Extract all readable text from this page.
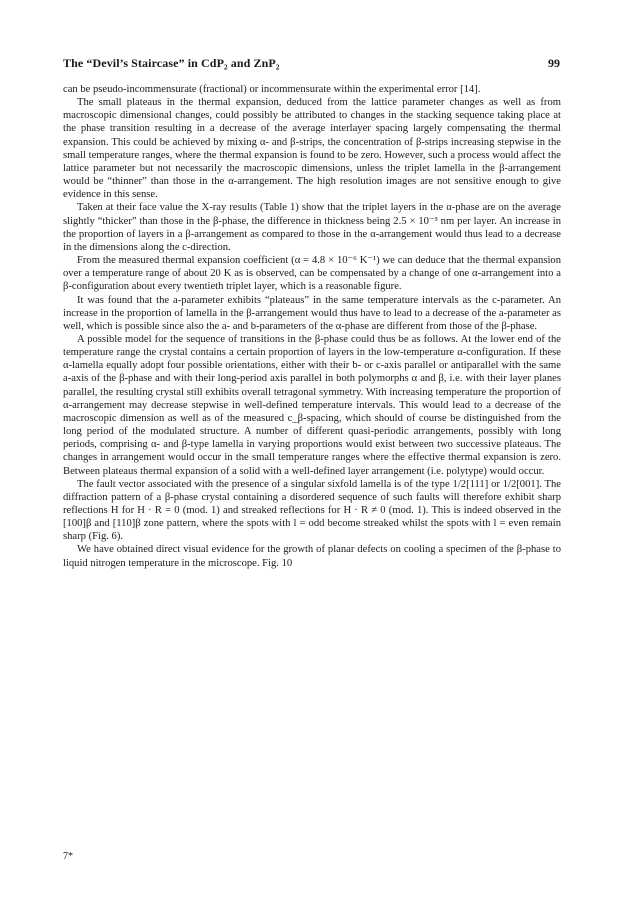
The “Devil’s Staircase” in CdP₂ and ZnP₂	99

can be pseudo-incommensurate (fractional) or incommensurate within the experimental error [14].

The small plateaus in the thermal expansion, deduced from the lattice parameter changes as well as from macroscopic dimensional changes, could possibly be attributed to changes in the stacking sequence taking place at the phase transition resulting in a decrease of the average interlayer spacing largely compensating the thermal expansion. This could be achieved by mixing α- and β-strips, the concentration of β-strips increasing stepwise in the small temperature ranges, where the thermal expansion is found to be zero. However, such a process would affect the lattice parameter but not necessarily the macroscopic dimensions, unless the triplet lamella in the β-arrangement would be “thinner” than those in the α-arrangement. The high resolution images are not sensitive enough to give evidence in this sense.

Taken at their face value the X-ray results (Table 1) show that the triplet layers in the α-phase are on the average slightly “thicker” than those in the β-phase, the difference in thickness being 2.5 × 10⁻³ nm per layer. An increase in the proportion of layers in a β-arrangement as compared to those in the α-arrangement would thus lead to a decrease in the dimensions along the c-direction.

From the measured thermal expansion coefficient (α = 4.8 × 10⁻⁶ K⁻¹) we can deduce that the thermal expansion over a temperature range of about 20 K as is observed, can be compensated by a change of one α-arrangement into a β-configuration about every twentieth triplet layer, which is a reasonable figure.

It was found that the a-parameter exhibits “plateaus” in the same temperature intervals as the c-parameter. An increase in the proportion of lamella in the β-arrangement would thus have to lead to a decrease of the a-parameter as well, which is possible since also the a- and b-parameters of the α-phase are different from those of the β-phase.

A possible model for the sequence of transitions in the β-phase could thus be as follows. At the lower end of the temperature range the crystal contains a certain proportion of layers in the low-temperature α-configuration. If these α-lamella equally adopt four possible orientations, either with their b- or c-axis parallel or antiparallel with the same a-axis of the β-phase and with their long-period axis parallel in both polymorphs α and β, i.e. with their layer planes parallel, the resulting crystal still exhibits overall tetragonal symmetry. With increasing temperature the proportion of α-arrangement may decrease stepwise in well-defined temperature intervals. This would lead to a decrease of the macroscopic dimension as well as of the measured c_β-spacing, which should of course be distinguished from the long period of the modulated structure. A number of different quasi-periodic arrangements, possibly with long periods, comprising α- and β-type lamella in varying proportions would exist between two successive plateaus. The changes in arrangement would occur in the small temperature ranges where the effective thermal expansion is zero. Between plateaus thermal expansion of a solid with a well-defined layer arrangement (i.e. polytype) would occur.

The fault vector associated with the presence of a singular sixfold lamella is of the type 1/2[111] or 1/2[001]. The diffraction pattern of a β-phase crystal containing a disordered sequence of such faults will therefore exhibit sharp reflections H for H · R = 0 (mod. 1) and streaked reflections for H · R ≠ 0 (mod. 1). This is indeed observed in the [100]β and [110]β zone pattern, where the spots with l = odd become streaked whilst the spots with l = even remain sharp (Fig. 6).

We have obtained direct visual evidence for the growth of planar defects on cooling a specimen of the β-phase to liquid nitrogen temperature in the microscope. Fig. 10

7*
